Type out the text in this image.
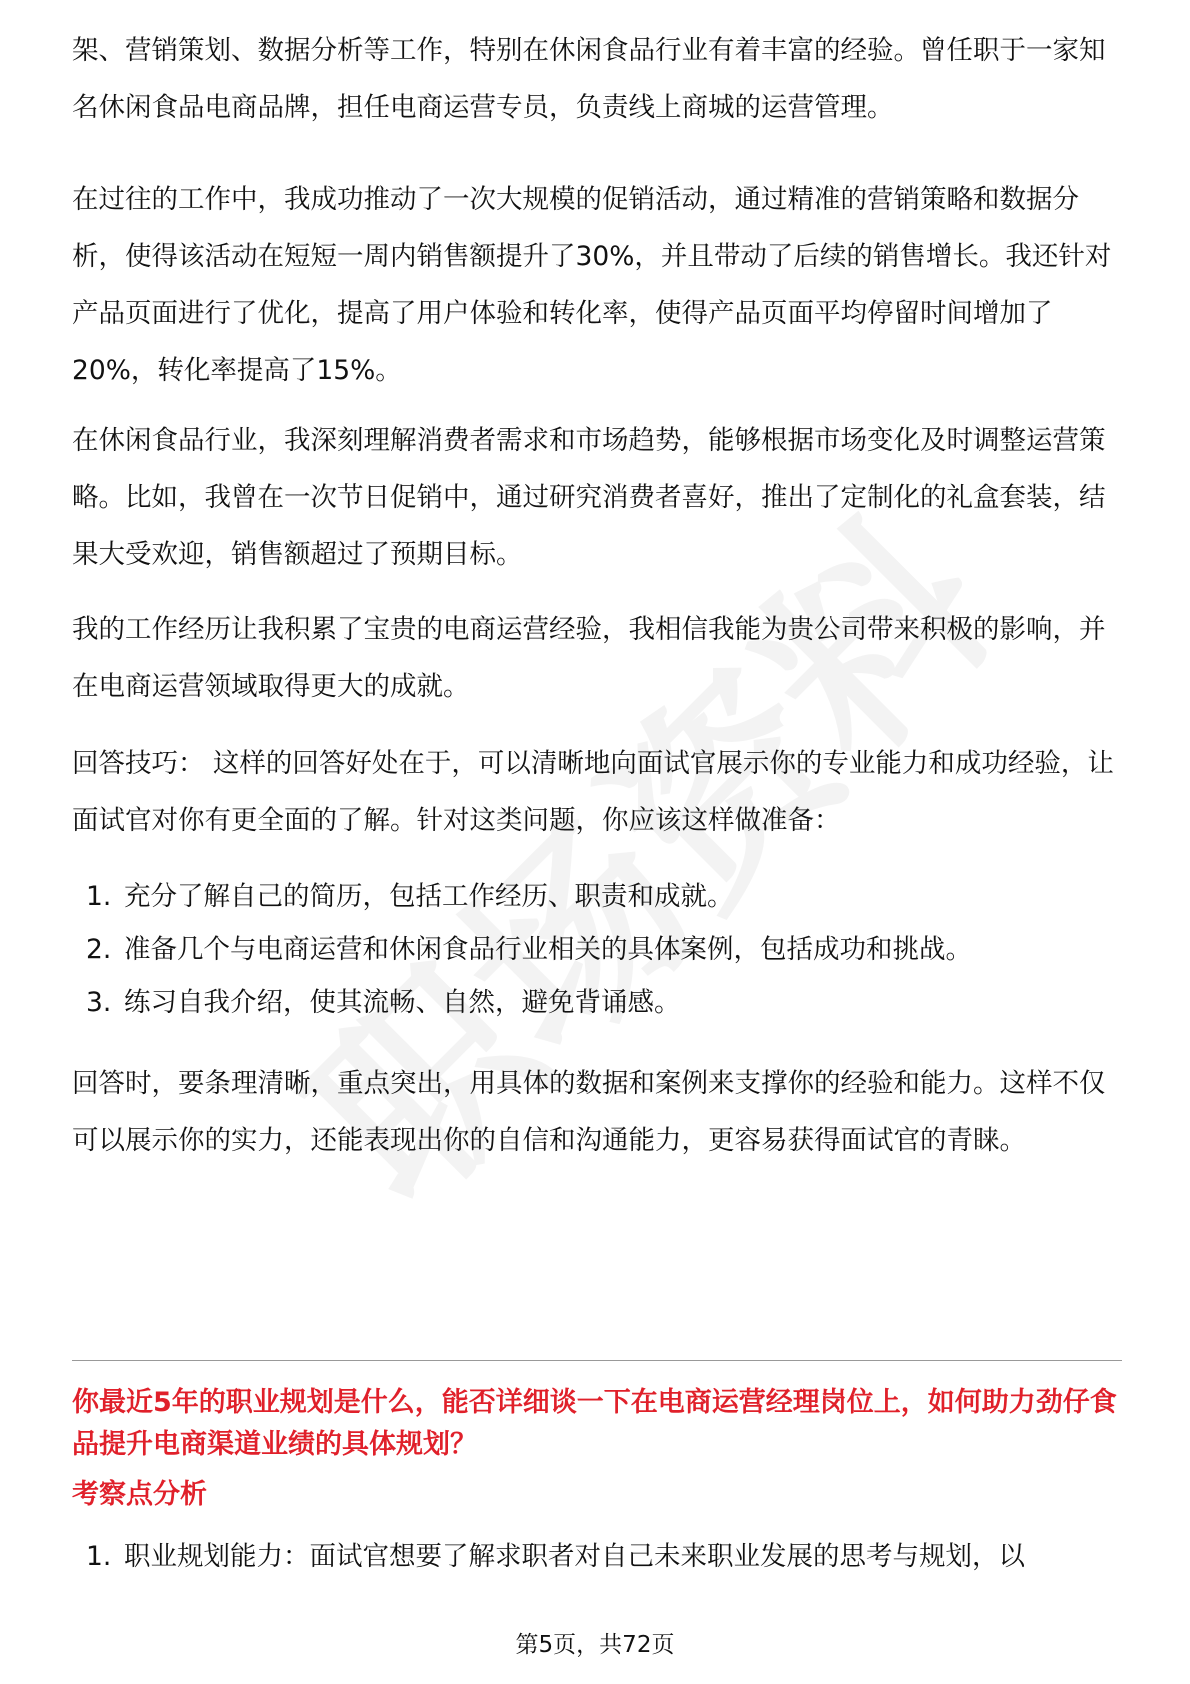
架、营销策划、数据分析等工作，特别在休闲食品行业有着丰富的经验。曾任职于一家知名休闲食品电商品牌，担任电商运营专员，负责线上商城的运营管理。

在过往的工作中，我成功推动了一次大规模的促销活动，通过精准的营销策略和数据分析，使得该活动在短短一周内销售额提升了30%，并且带动了后续的销售增长。我还针对产品页面进行了优化，提高了用户体验和转化率，使得产品页面平均停留时间增加了20%，转化率提高了15%。

在休闲食品行业，我深刻理解消费者需求和市场趋势，能够根据市场变化及时调整运营策略。比如，我曾在一次节日促销中，通过研究消费者喜好，推出了定制化的礼盒套装，结果大受欢迎，销售额超过了预期目标。

我的工作经历让我积累了宝贵的电商运营经验，我相信我能为贵公司带来积极的影响，并在电商运营领域取得更大的成就。

回答技巧： 这样的回答好处在于，可以清晰地向面试官展示你的专业能力和成功经验，让面试官对你有更全面的了解。针对这类问题，你应该这样做准备：

1. 充分了解自己的简历，包括工作经历、职责和成就。
2. 准备几个与电商运营和休闲食品行业相关的具体案例，包括成功和挑战。
3. 练习自我介绍，使其流畅、自然，避免背诵感。

回答时，要条理清晰，重点突出，用具体的数据和案例来支撑你的经验和能力。这样不仅可以展示你的实力，还能表现出你的自信和沟通能力，更容易获得面试官的青睐。

你最近5年的职业规划是什么，能否详细谈一下在电商运营经理岗位上，如何助力劲仔食品提升电商渠道业绩的具体规划？

考察点分析

1. 职业规划能力：面试官想要了解求职者对自己未来职业发展的思考与规划，以
第5页，共72页
